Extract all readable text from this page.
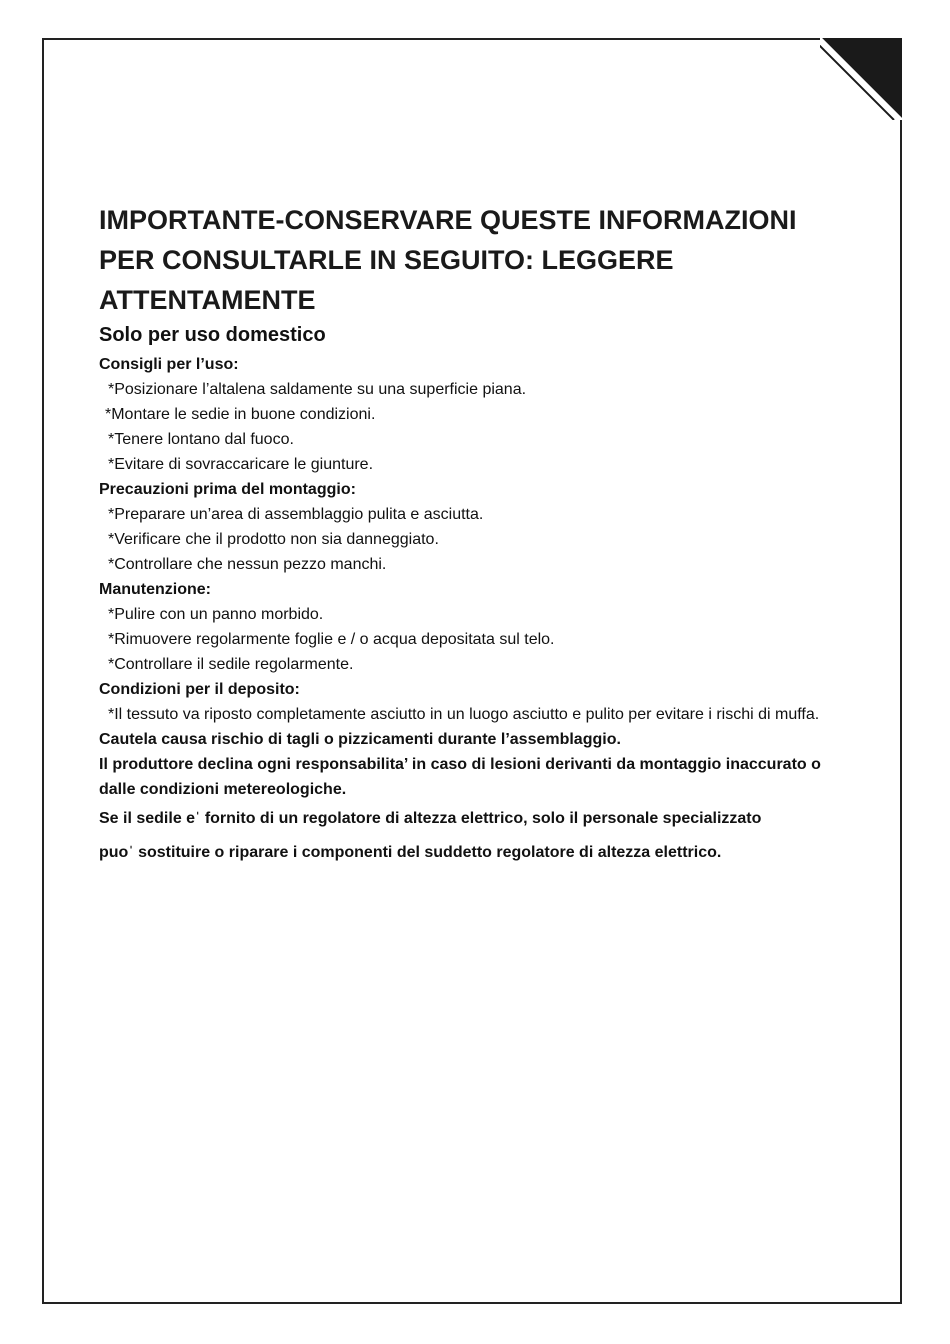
IMPORTANTE-CONSERVARE QUESTE INFORMAZIONI PER CONSULTARLE IN SEGUITO: LEGGERE ATTENTAMENTE
Solo per uso domestico

Consigli per l’uso:

*Posizionare l’altalena saldamente su una superficie piana.

*Montare le sedie in buone condizioni.

*Tenere lontano dal fuoco.

*Evitare di sovraccaricare le giunture.

Precauzioni prima del montaggio:

*Preparare un’area di assemblaggio pulita e asciutta.

*Verificare che il prodotto non sia danneggiato.

*Controllare che nessun pezzo manchi.

Manutenzione:

*Pulire con un panno morbido.

*Rimuovere regolarmente foglie e / o acqua depositata sul telo.

*Controllare il sedile regolarmente.

Condizioni per il deposito:

*Il tessuto va riposto completamente asciutto in un luogo asciutto e pulito per evitare i rischi di muffa.

Cautela causa rischio di tagli o pizzicamenti durante l’assemblaggio.

Il produttore declina ogni responsabilita’ in caso di lesioni derivanti da montaggio inaccurato o dalle condizioni metereologiche.

Se il sedile eˈ fornito di un regolatore di altezza elettrico, solo il personale specializzato

puoˈ sostituire o riparare i componenti del suddetto regolatore di altezza elettrico.
